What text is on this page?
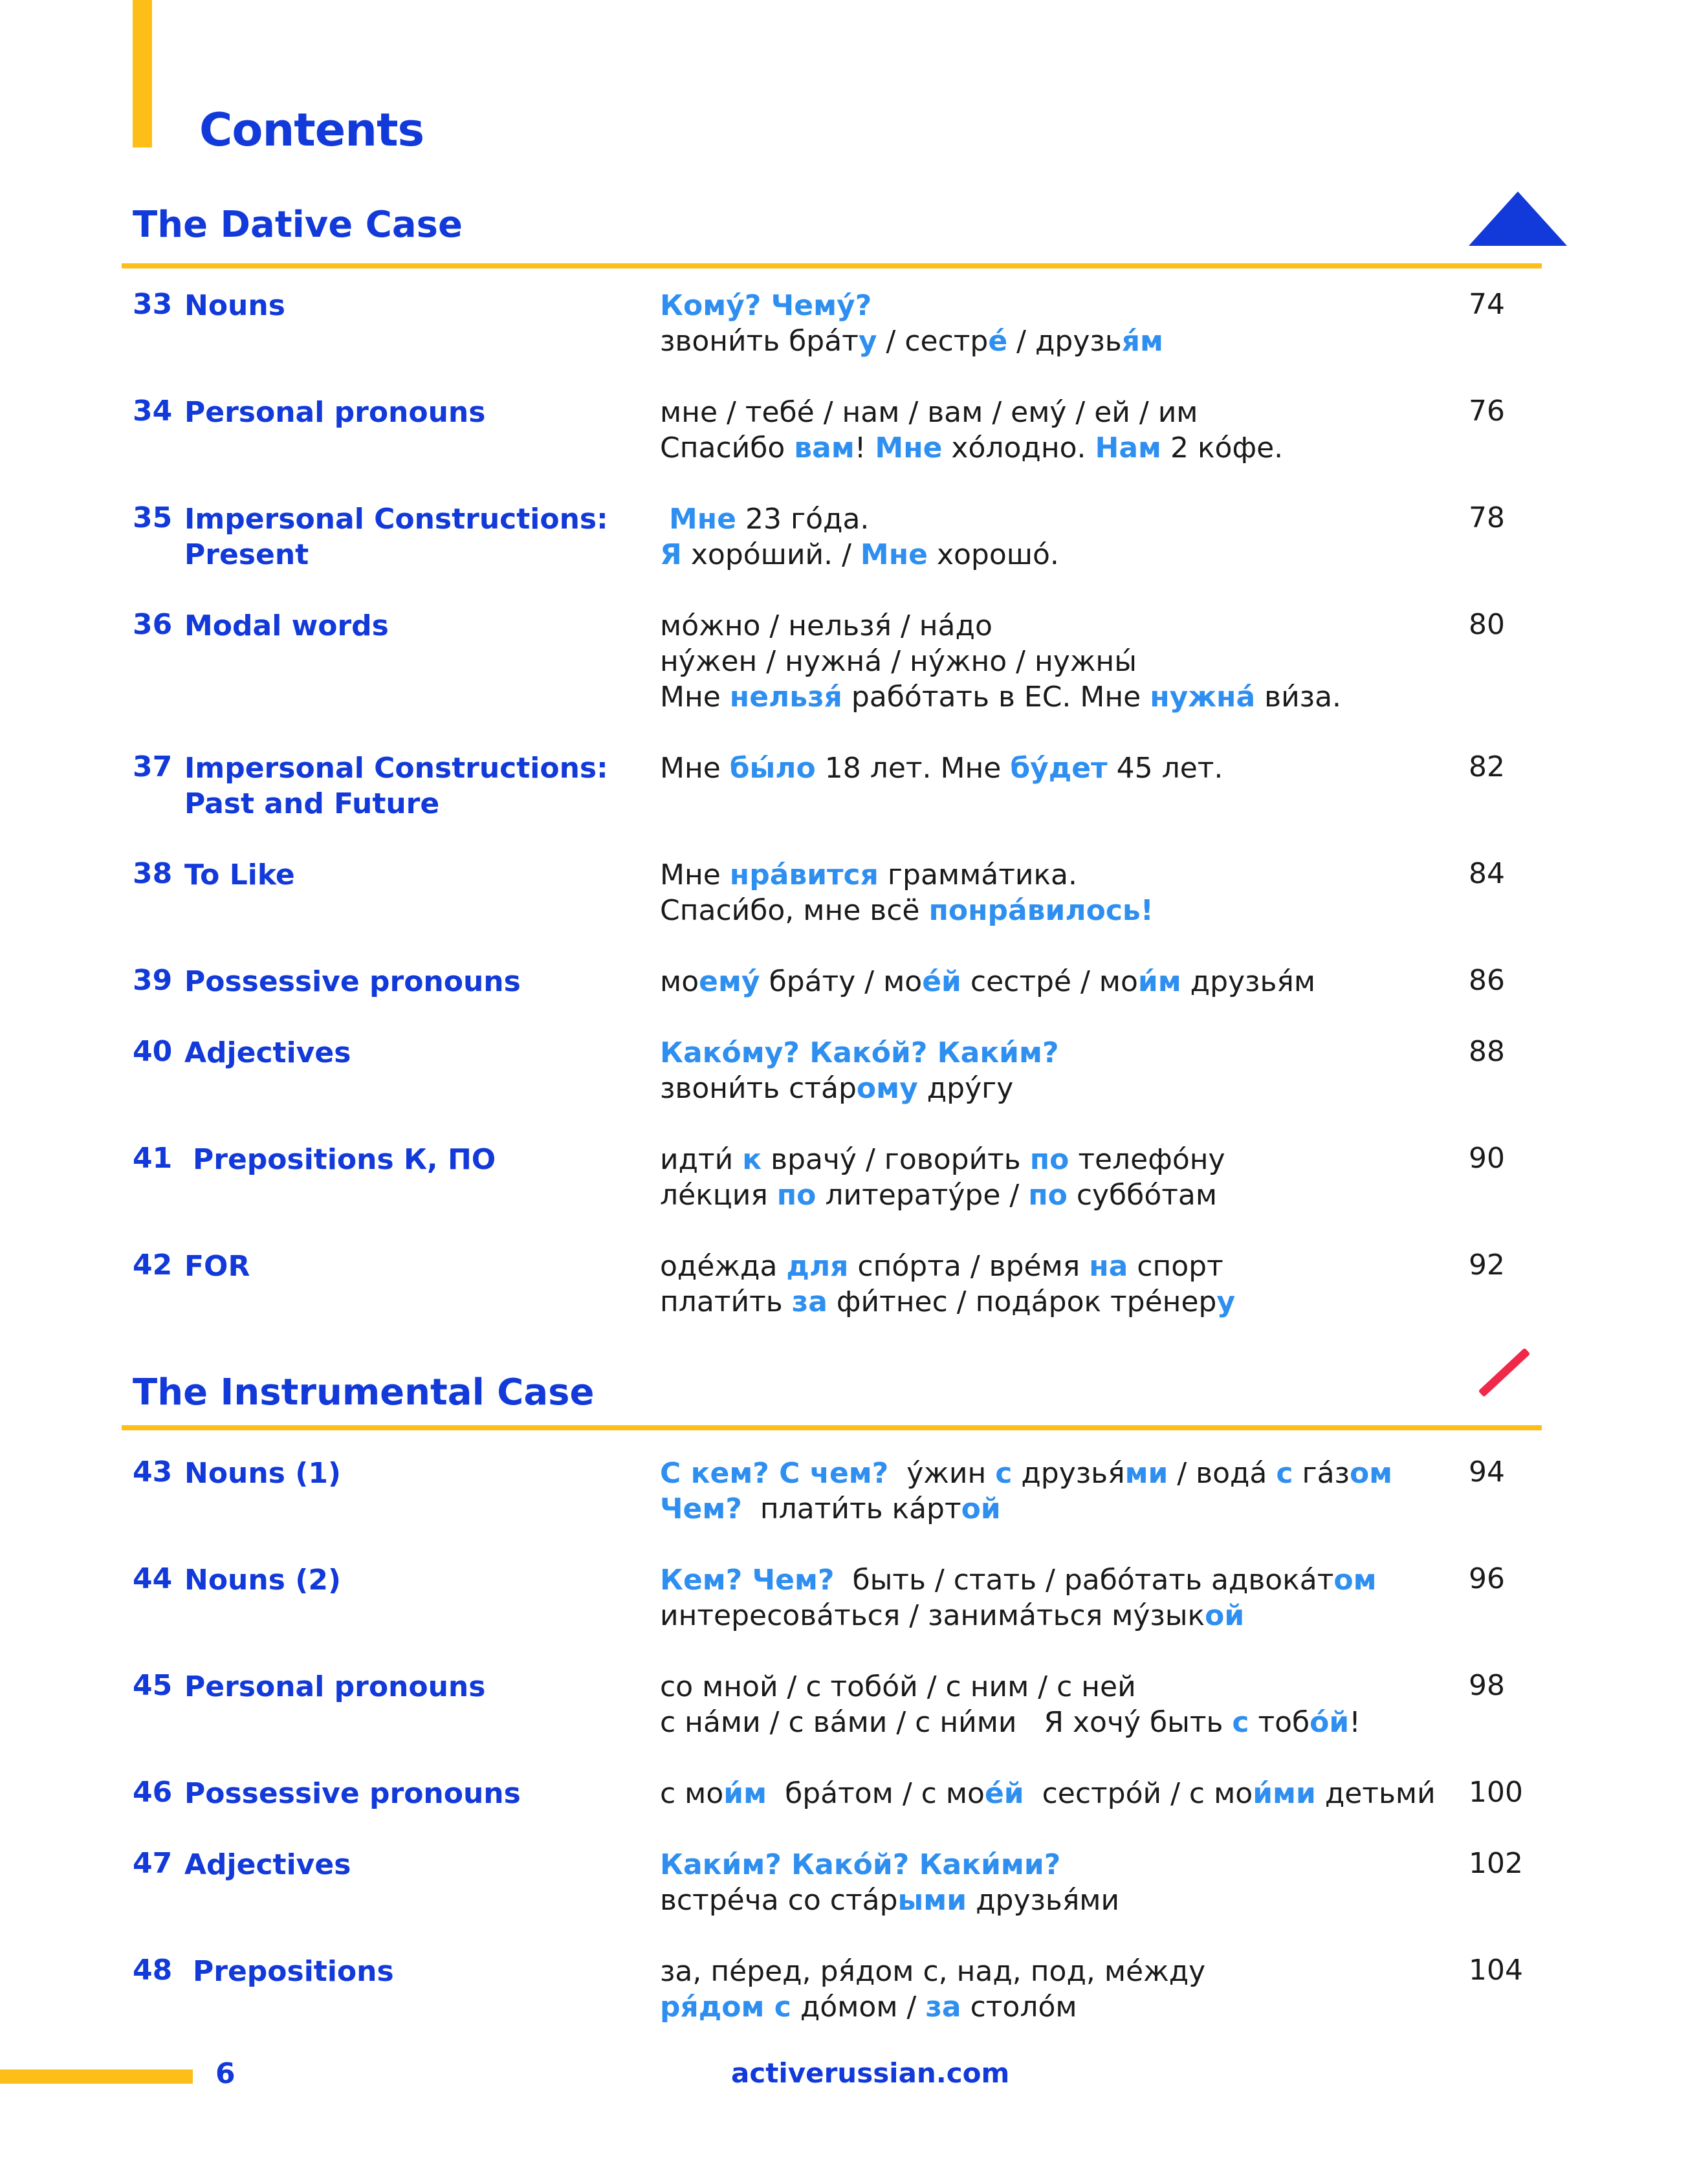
Contents
The Dative Case
The Instrumental Case
33 Nouns	Кому́? Чему́?
звони́ть бра́ту / сестре́ / друзья́м
74
34 Personal pronouns	мне / тебе́ / нам / вам / ему́ / ей / им
Спаси́бо вам! Мне хо́лодно. Нам 2 ко́фе.
76
35 Impersonal Constructions:
Present
Мне 23 го́да.
Я хоро́ший. / Мне хорошо́.
78
36 Modal words	мо́жно / нельзя́ / на́до
ну́жен / нужна́ / ну́жно / нужны́
Мне нельзя́ рабо́тать в ЕС. Мне нужна́ ви́за.
80
37 Impersonal Constructions:
Past and Future
Мне бы́ло 18 лет. Мне бу́дет 45 лет.	82
38 To Like	Мне нра́вится грамма́тика.
Спаси́бо, мне всё понра́вилось!
84
39 Possessive pronouns	моему́ бра́ту / мое́й сестре́ / мои́м друзья́м	86
40 Adjectives	Како́му? Како́й? Каки́м?
звони́ть ста́рому дру́гу
88
41 Prepositions К, ПО	идти́ к врачу́ / говори́ть по телефо́ну
ле́кция по литерату́ре / по суббо́там
90
42 FOR	оде́жда для спо́рта / вре́мя на спорт
плати́ть за фи́тнес / пода́рок тре́неру
92
43 Nouns (1)	С кем? С чем?  у́жин с друзья́ми / вода́ с га́зом
Чем?  плати́ть ка́ртой
94
44 Nouns (2)	Кем? Чем?  быть / стать / рабо́тать адвока́том
интересова́ться / занима́ться му́зыкой
96
45 Personal pronouns	со мной / с тобо́й / с ним / с ней
с на́ми / с ва́ми / с ни́ми   Я хочу́ быть с тобо́й!
98
46 Possessive pronouns	с мои́м  бра́том / с мое́й  сестро́й / с мои́ми детьми́ 100
47 Adjectives	Каки́м? Како́й? Каки́ми?
встре́ча со ста́рыми друзья́ми
102
48 Prepositions	за, пе́ред, ря́дом с, над, под, ме́жду
ря́дом с до́мом / за столо́м
104
6	activerussian.com
